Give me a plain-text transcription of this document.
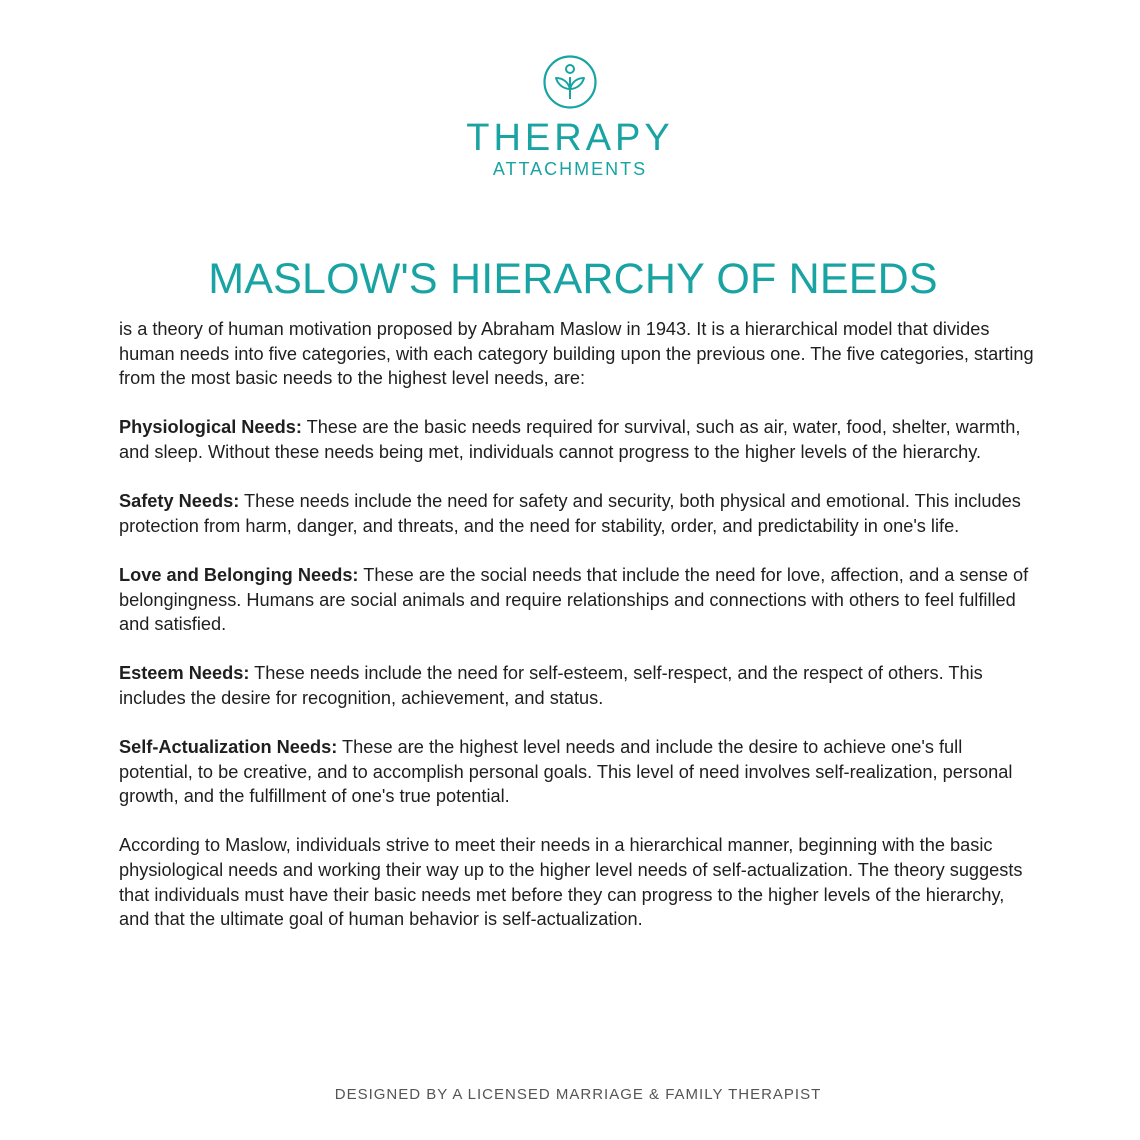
THERAPY
ATTACHMENTS
MASLOW'S HIERARCHY OF NEEDS

is a theory of human motivation proposed by Abraham Maslow in 1943. It is a hierarchical model that divides human needs into five categories, with each category building upon the previous one. The five categories, starting from the most basic needs to the highest level needs, are:

Physiological Needs: These are the basic needs required for survival, such as air, water, food, shelter, warmth, and sleep. Without these needs being met, individuals cannot progress to the higher levels of the hierarchy.

Safety Needs: These needs include the need for safety and security, both physical and emotional. This includes protection from harm, danger, and threats, and the need for stability, order, and predictability in one's life.

Love and Belonging Needs: These are the social needs that include the need for love, affection, and a sense of belongingness. Humans are social animals and require relationships and connections with others to feel fulfilled and satisfied.

Esteem Needs: These needs include the need for self-esteem, self-respect, and the respect of others. This includes the desire for recognition, achievement, and status.

Self-Actualization Needs: These are the highest level needs and include the desire to achieve one's full potential, to be creative, and to accomplish personal goals. This level of need involves self-realization, personal growth, and the fulfillment of one's true potential.

According to Maslow, individuals strive to meet their needs in a hierarchical manner, beginning with the basic physiological needs and working their way up to the higher level needs of self-actualization. The theory suggests that individuals must have their basic needs met before they can progress to the higher levels of the hierarchy, and that the ultimate goal of human behavior is self-actualization.

DESIGNED BY A LICENSED MARRIAGE & FAMILY THERAPIST
